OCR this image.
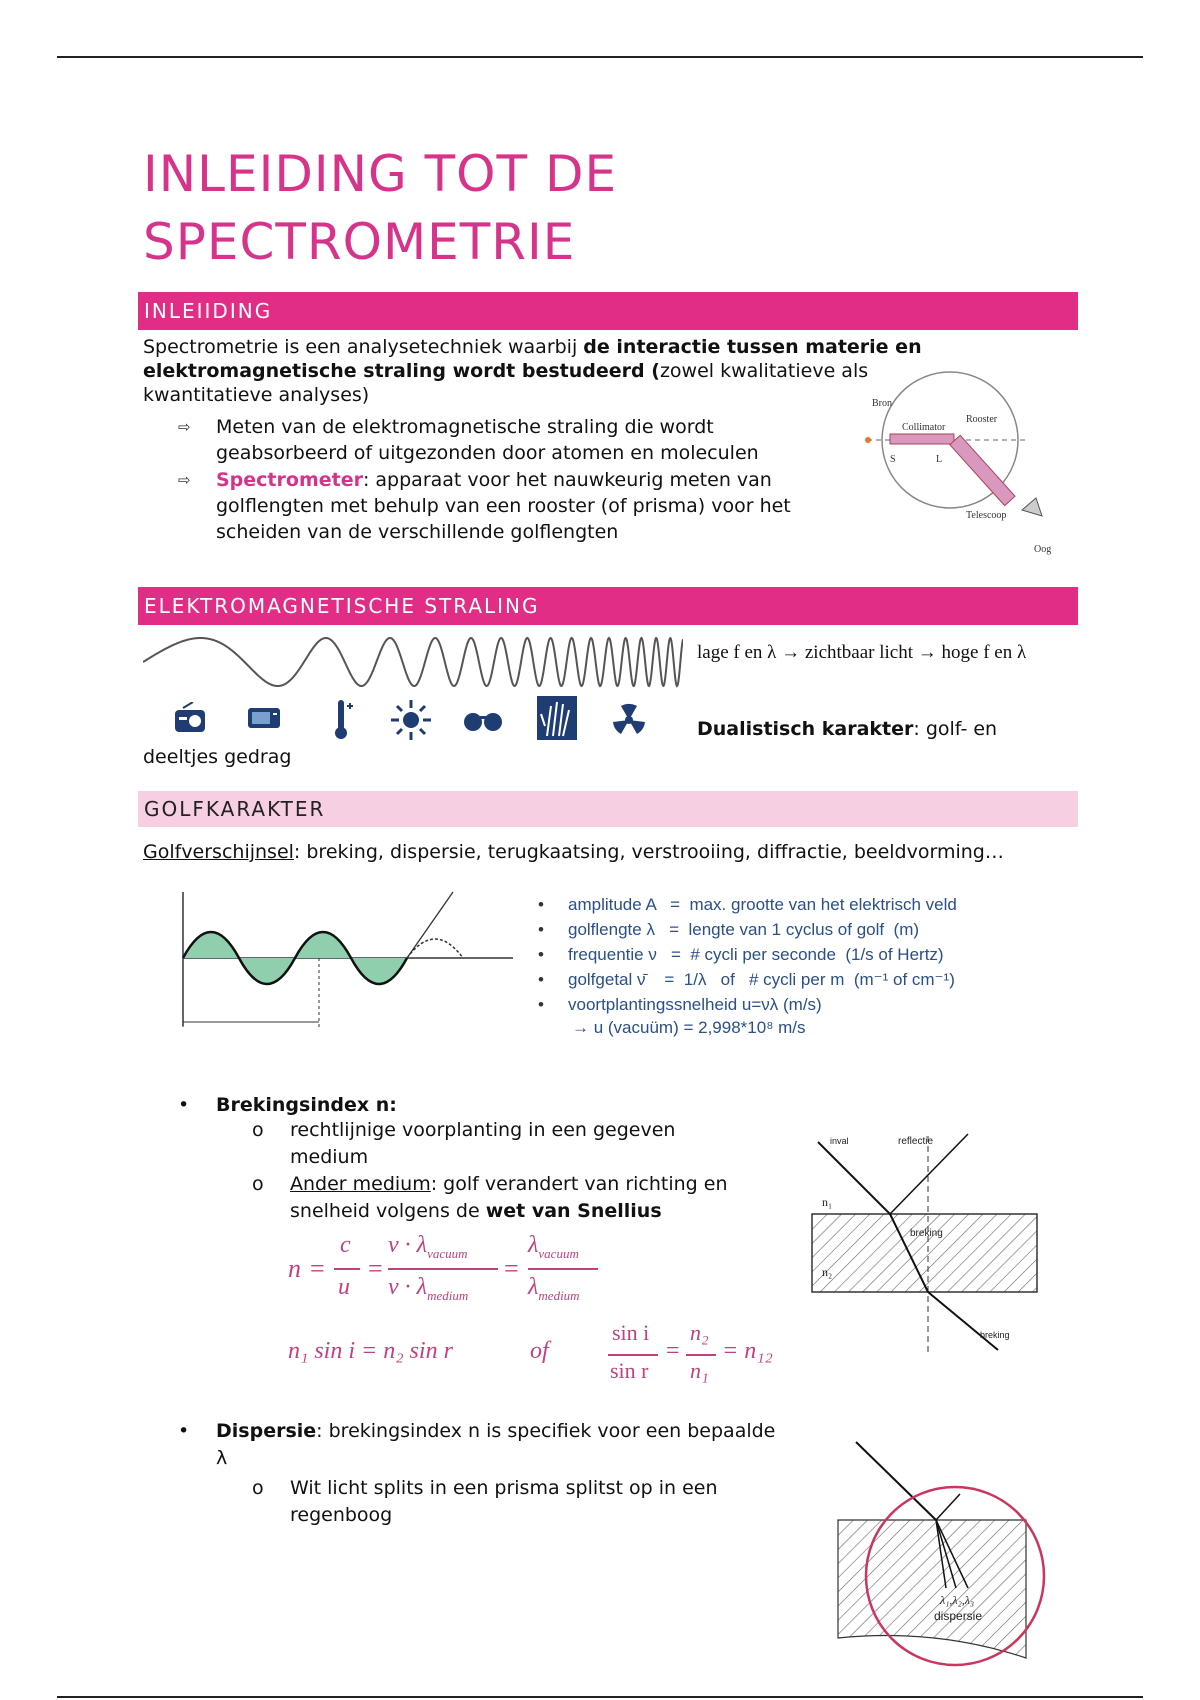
INLEIDING TOT DE
SPECTROMETRIE
INLEIIDING
Spectrometrie is een analysetechniek waarbij de interactie tussen materie en elektromagnetische straling wordt bestudeerd (zowel kwalitatieve als kwantitatieve analyses)
⇨ Meten van de elektromagnetische straling die wordt geabsorbeerd of uitgezonden door atomen en moleculen
⇨ Spectrometer: apparaat voor het nauwkeurig meten van golflengten met behulp van een rooster (of prisma) voor het scheiden van de verschillende golflengten
Bron
Collimator
Rooster
S	L
Telescoop
Oog
ELEKTROMAGNETISCHE STRALING
lage f en λ → zichtbaar licht → hoge f en λ
Dualistisch karakter: golf- en
deeltjes gedrag
GOLFKARAKTER
Golfverschijnsel: breking, dispersie, terugkaatsing, verstrooiing, diffractie, beeldvorming…
• amplitude A   =  max. grootte van het elektrisch veld
• golflengte λ   =  lengte van 1 cyclus of golf  (m)
• frequentie ν   =  # cycli per seconde  (1/s of Hertz)
• golfgetal ν̄    =  1/λ   of   # cycli per m  (m⁻¹ of cm⁻¹)
• voortplantingssnelheid u=νλ (m/s)
→ u (vacuüm) = 2,998*10⁸ m/s
• Brekingsindex n:
o rechtlijnige voorplanting in een gegeven medium
o Ander medium: golf verandert van richting en snelheid volgens de wet van Snellius
n =
c
u
=
$\nu \cdot \lambda_{vacuum}$
$\nu \cdot \lambda_{medium}$
=
$\lambda_{vacuum}$
$\lambda_{medium}$
n₁ sin i = n₂ sin r	of
sin i
sin r
=
n₂
n₁
= n₁₂
inval	reflectie
n₁
n₂
breking
breking
• Dispersie: brekingsindex n is specifiek voor een bepaalde λ
o Wit licht splits in een prisma splitst op in een regenboog
λ₁,λ₂,λ₃
dispersie
